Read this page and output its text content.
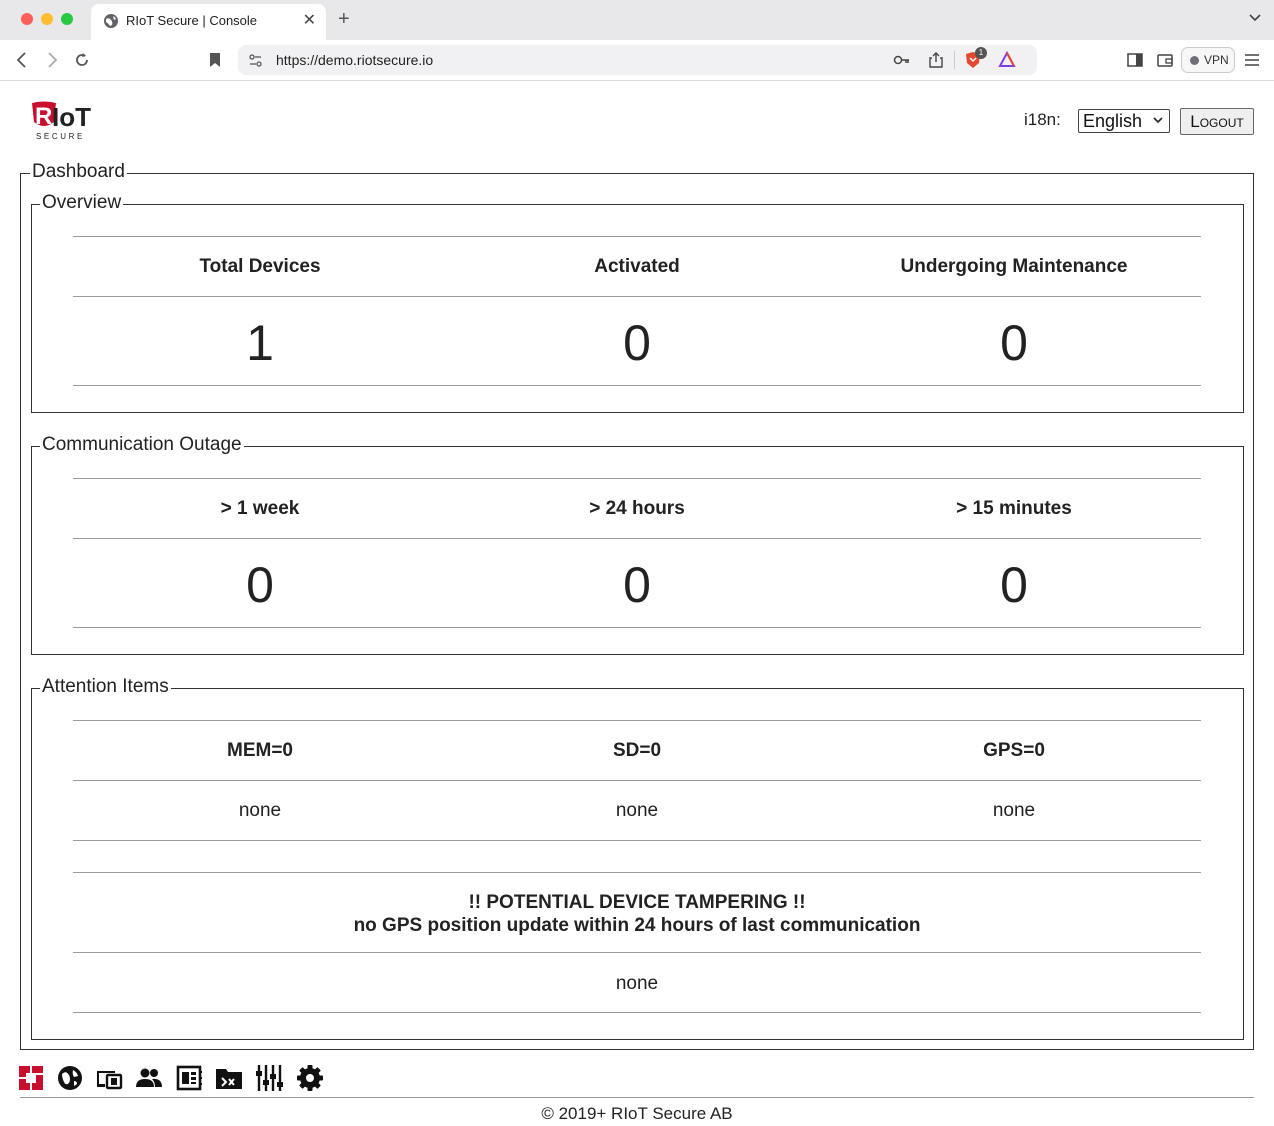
RIoT Secure | Console	✕ +
https://demo.riotsecure.io	1
VPN
R IoT
SECURE
i18n: English	Logout
Dashboard
Overview
Total Devices	Activated	Undergoing Maintenance
1	0	0
Communication Outage
> 1 week	> 24 hours	> 15 minutes
0	0	0
Attention Items
MEM=0	SD=0	GPS=0
none	none	none
!! POTENTIAL DEVICE TAMPERING !!
no GPS position update within 24 hours of last communication
none
© 2019+ RIoT Secure AB
